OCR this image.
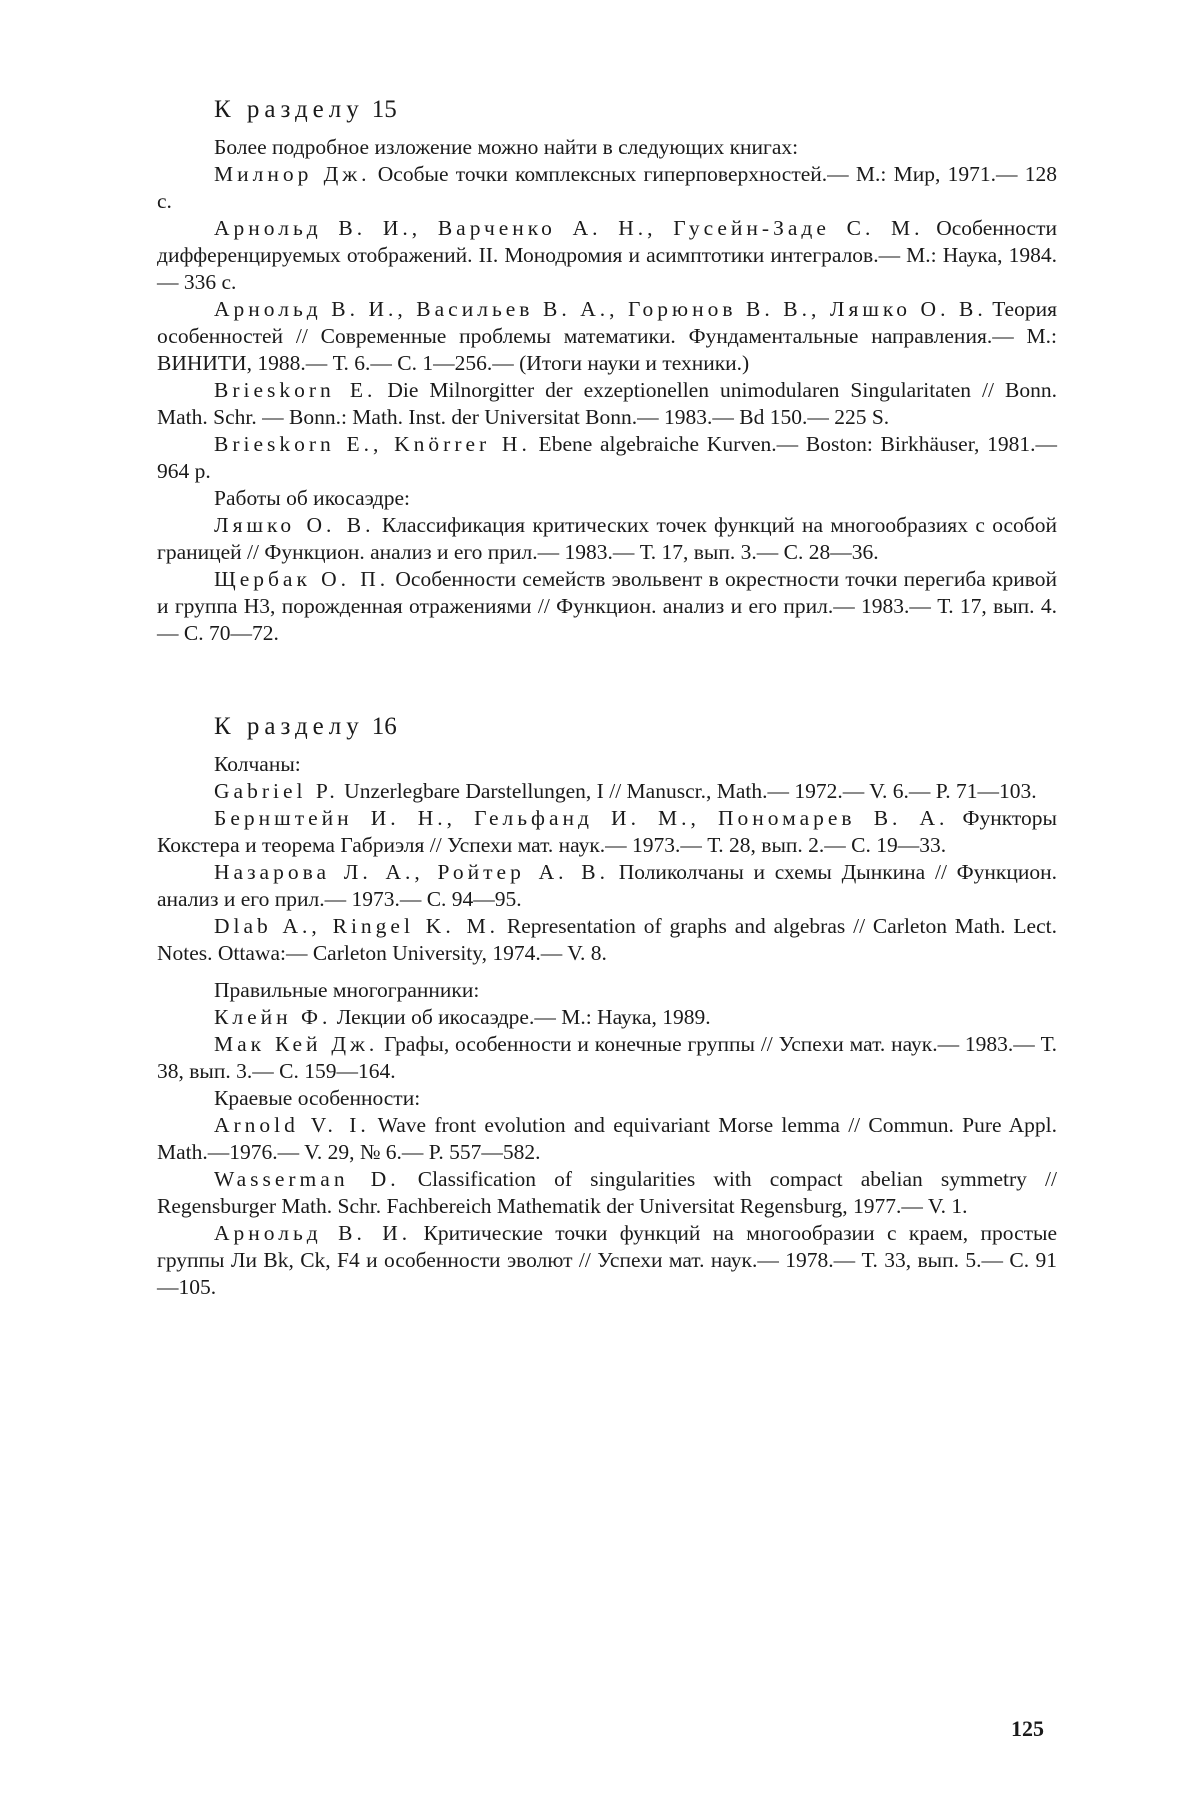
К разделу 15

Более подробное изложение можно найти в следующих книгах:

Милнор Дж. Особые точки комплексных гиперповерхностей.— М.: Мир, 1971.— 128 с.

Арнольд В. И., Варченко А. Н., Гусейн-Заде С. М. Особенности дифференцируемых отображений. II. Монодромия и асимптотики интегралов.— М.: Наука, 1984.— 336 с.

Арнольд В. И., Васильев В. А., Горюнов В. В., Ляшко О. В. Теория особенностей // Современные проблемы математики. Фундаментальные направления.— М.: ВИНИТИ, 1988.— Т. 6.— С. 1—256.— (Итоги науки и техники.)

Brieskorn E. Die Milnorgitter der exzeptionellen unimodularen Singularitaten // Bonn. Math. Schr. — Bonn.: Math. Inst. der Universitat Bonn.— 1983.— Bd 150.— 225 S.

Brieskorn E., Knörrer H. Ebene algebraiche Kurven.— Boston: Birkhäuser, 1981.— 964 p.

Работы об икосаэдре:

Ляшко О. В. Классификация критических точек функций на многообразиях с особой границей // Функцион. анализ и его прил.— 1983.— Т. 17, вып. 3.— С. 28—36.

Щербак О. П. Особенности семейств эвольвент в окрестности точки перегиба кривой и группа H3, порожденная отражениями // Функцион. анализ и его прил.— 1983.— Т. 17, вып. 4.— С. 70—72.

К разделу 16

Колчаны:

Gabriel P. Unzerlegbare Darstellungen, I // Manuscr., Math.— 1972.— V. 6.— P. 71—103.

Бернштейн И. Н., Гельфанд И. М., Пономарев В. А. Функторы Кокстера и теорема Габриэля // Успехи мат. наук.— 1973.— Т. 28, вып. 2.— С. 19—33.

Назарова Л. А., Ройтер А. В. Поликолчаны и схемы Дынкина // Функцион. анализ и его прил.— 1973.— С. 94—95.

Dlab A., Ringel K. M. Representation of graphs and algebras // Carleton Math. Lect. Notes. Ottawa:— Carleton University, 1974.— V. 8.

Правильные многогранники:

Клейн Ф. Лекции об икосаэдре.— М.: Наука, 1989.

Мак Кей Дж. Графы, особенности и конечные группы // Успехи мат. наук.— 1983.— Т. 38, вып. 3.— С. 159—164.

Краевые особенности:

Arnold V. I. Wave front evolution and equivariant Morse lemma // Commun. Pure Appl. Math.—1976.— V. 29, № 6.— P. 557—582.

Wasserman D. Classification of singularities with compact abelian symmetry // Regensburger Math. Schr. Fachbereich Mathematik der Universitat Regensburg, 1977.— V. 1.

Арнольд В. И. Критические точки функций на многообразии с краем, простые группы Ли Bk, Ck, F4 и особенности эволют // Успехи мат. наук.— 1978.— Т. 33, вып. 5.— С. 91—105.

125
